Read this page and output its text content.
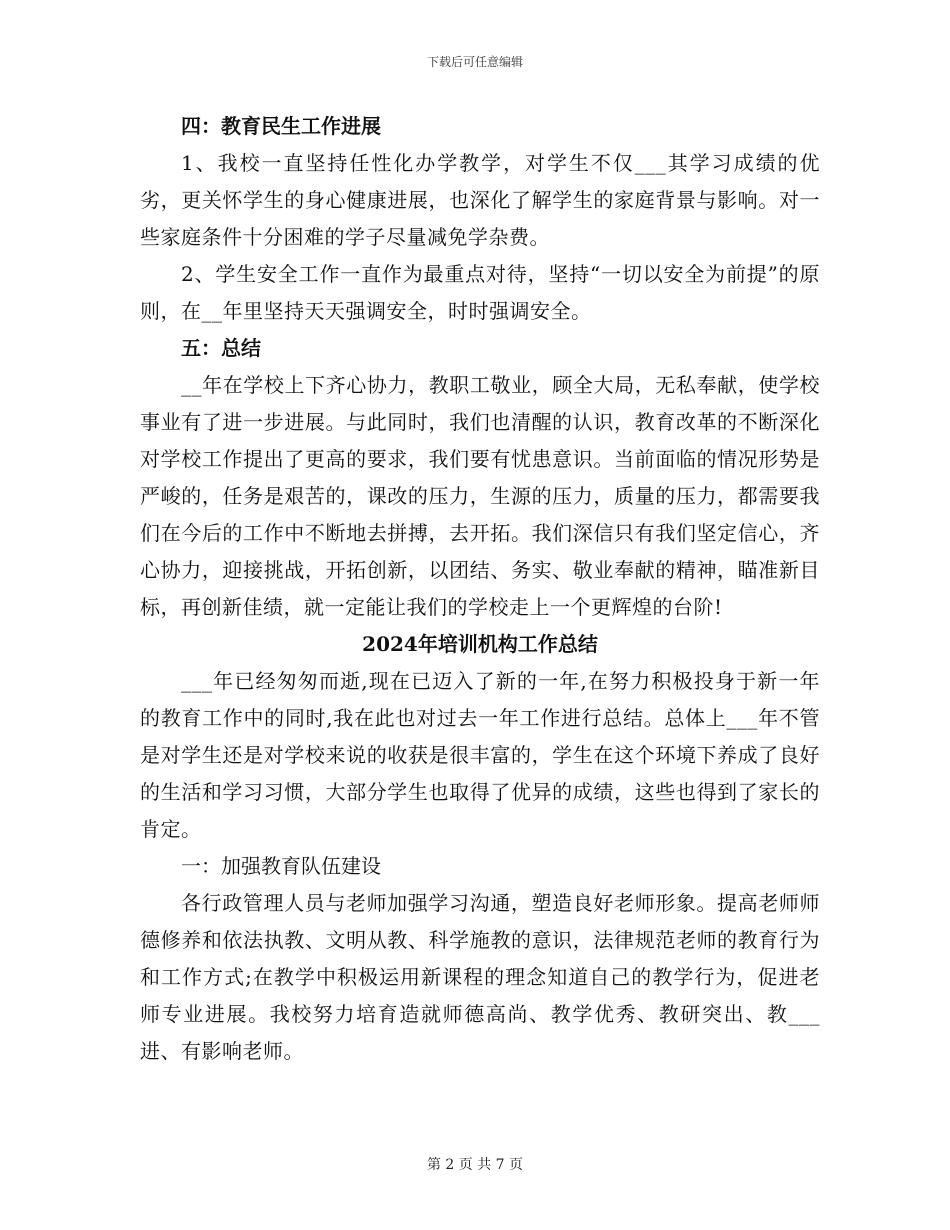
下载后可任意编辑

四：教育民生工作进展

1、我校一直坚持任性化办学教学，对学生不仅___其学习成绩的优劣，更关怀学生的身心健康进展，也深化了解学生的家庭背景与影响。对一些家庭条件十分困难的学子尽量减免学杂费。

2、学生安全工作一直作为最重点对待，坚持“一切以安全为前提”的原则，在__年里坚持天天强调安全，时时强调安全。

五：总结

__年在学校上下齐心协力，教职工敬业，顾全大局，无私奉献，使学校事业有了进一步进展。与此同时，我们也清醒的认识，教育改革的不断深化对学校工作提出了更高的要求，我们要有忧患意识。当前面临的情况形势是严峻的，任务是艰苦的，课改的压力，生源的压力，质量的压力，都需要我们在今后的工作中不断地去拼搏，去开拓。我们深信只有我们坚定信心，齐心协力，迎接挑战，开拓创新，以团结、务实、敬业奉献的精神，瞄准新目标，再创新佳绩，就一定能让我们的学校走上一个更辉煌的台阶!

2024年培训机构工作总结

___年已经匆匆而逝,现在已迈入了新的一年,在努力积极投身于新一年的教育工作中的同时,我在此也对过去一年工作进行总结。总体上___年不管是对学生还是对学校来说的收获是很丰富的，学生在这个环境下养成了良好的生活和学习习惯，大部分学生也取得了优异的成绩，这些也得到了家长的肯定。

一：加强教育队伍建设

各行政管理人员与老师加强学习沟通，塑造良好老师形象。提高老师师德修养和依法执教、文明从教、科学施教的意识，法律规范老师的教育行为和工作方式;在教学中积极运用新课程的理念知道自己的教学行为，促进老师专业进展。我校努力培育造就师德高尚、教学优秀、教研突出、教___进、有影响老师。

第 2 页 共 7 页
